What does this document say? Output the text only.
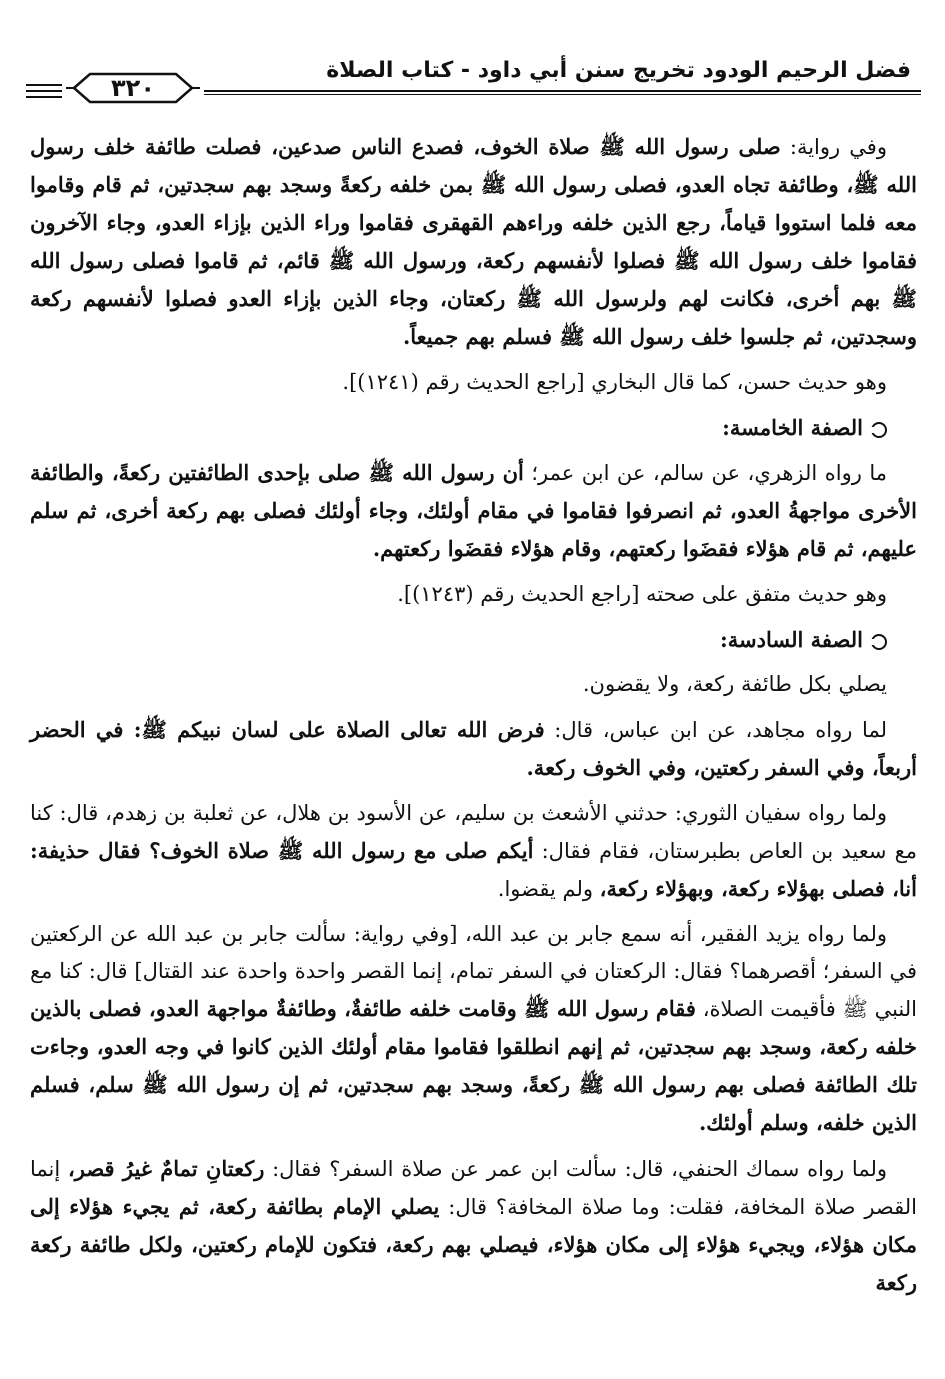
فضل الرحيم الودود تخريج سنن أبي داود - كتاب الصلاة
٣٢٠

وفي رواية: صلى رسول الله ﷺ صلاة الخوف، فصدع الناس صدعين، فصلت طائفة خلف رسول الله ﷺ، وطائفة تجاه العدو، فصلى رسول الله ﷺ بمن خلفه ركعةً وسجد بهم سجدتين، ثم قام وقاموا معه فلما استووا قياماً، رجع الذين خلفه وراءهم القهقرى فقاموا وراء الذين بإزاء العدو، وجاء الآخرون فقاموا خلف رسول الله ﷺ فصلوا لأنفسهم ركعة، ورسول الله ﷺ قائم، ثم قاموا فصلى رسول الله ﷺ بهم أخرى، فكانت لهم ولرسول الله ﷺ ركعتان، وجاء الذين بإزاء العدو فصلوا لأنفسهم ركعة وسجدتين، ثم جلسوا خلف رسول الله ﷺ فسلم بهم جميعاً.

وهو حديث حسن، كما قال البخاري [راجع الحديث رقم (١٢٤١)].

الصفة الخامسة:

ما رواه الزهري، عن سالم، عن ابن عمر؛ أن رسول الله ﷺ صلى بإحدى الطائفتين ركعةً، والطائفة الأخرى مواجهةُ العدو، ثم انصرفوا فقاموا في مقام أولئك، وجاء أولئك فصلى بهم ركعة أخرى، ثم سلم عليهم، ثم قام هؤلاء فقضَوا ركعتهم، وقام هؤلاء فقضَوا ركعتهم.

وهو حديث متفق على صحته [راجع الحديث رقم (١٢٤٣)].

الصفة السادسة:

يصلي بكل طائفة ركعة، ولا يقضون.

لما رواه مجاهد، عن ابن عباس، قال: فرض الله تعالى الصلاة على لسان نبيكم ﷺ: في الحضر أربعاً، وفي السفر ركعتين، وفي الخوف ركعة.

ولما رواه سفيان الثوري: حدثني الأشعث بن سليم، عن الأسود بن هلال، عن ثعلبة بن زهدم، قال: كنا مع سعيد بن العاص بطبرستان، فقام فقال: أيكم صلى مع رسول الله ﷺ صلاة الخوف؟ فقال حذيفة: أنا، فصلى بهؤلاء ركعة، وبهؤلاء ركعة، ولم يقضوا.

ولما رواه يزيد الفقير، أنه سمع جابر بن عبد الله، [وفي رواية: سألت جابر بن عبد الله عن الركعتين في السفر؛ أقصرهما؟ فقال: الركعتان في السفر تمام، إنما القصر واحدة واحدة عند القتال] قال: كنا مع النبي ﷺ فأقيمت الصلاة، فقام رسول الله ﷺ وقامت خلفه طائفةٌ، وطائفةٌ مواجهة العدو، فصلى بالذين خلفه ركعة، وسجد بهم سجدتين، ثم إنهم انطلقوا فقاموا مقام أولئك الذين كانوا في وجه العدو، وجاءت تلك الطائفة فصلى بهم رسول الله ﷺ ركعةً، وسجد بهم سجدتين، ثم إن رسول الله ﷺ سلم، فسلم الذين خلفه، وسلم أولئك.

ولما رواه سماك الحنفي، قال: سألت ابن عمر عن صلاة السفر؟ فقال: ركعتانِ تمامٌ غيرُ قصر، إنما القصر صلاة المخافة، فقلت: وما صلاة المخافة؟ قال: يصلي الإمام بطائفة ركعة، ثم يجيء هؤلاء إلى مكان هؤلاء، ويجيء هؤلاء إلى مكان هؤلاء، فيصلي بهم ركعة، فتكون للإمام ركعتين، ولكل طائفة ركعة ركعة
